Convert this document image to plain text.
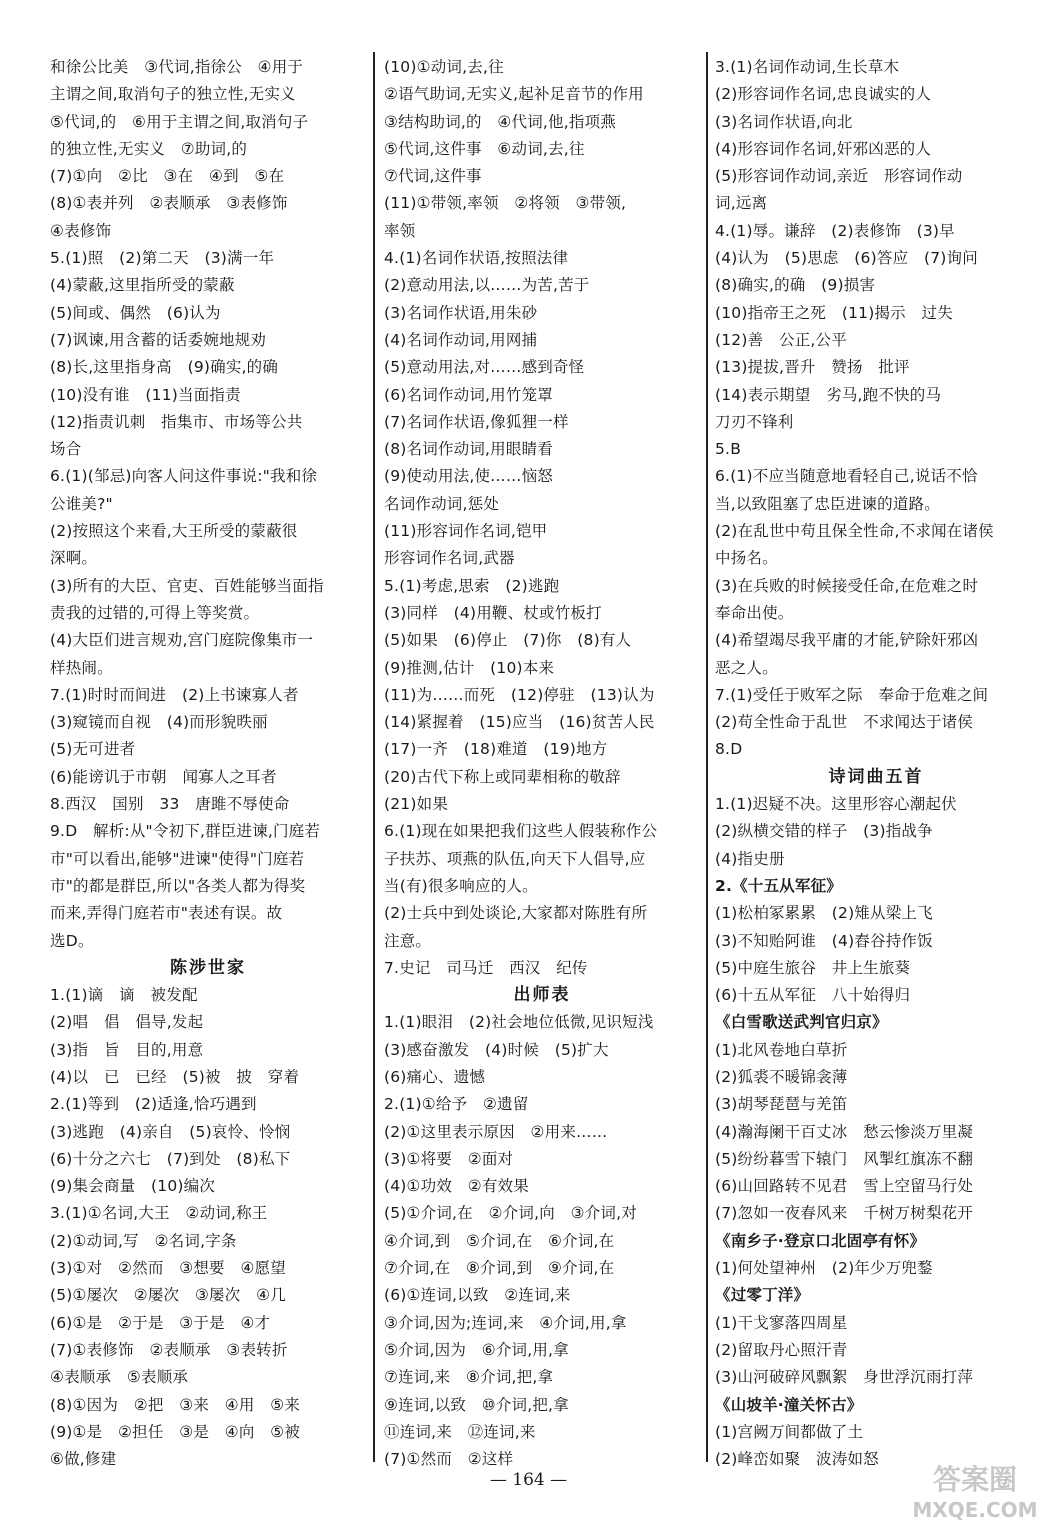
和徐公比美　③代词,指徐公　④用于
主谓之间,取消句子的独立性,无实义
⑤代词,的　⑥用于主谓之间,取消句子
的独立性,无实义　⑦助词,的
(7)①向　②比　③在　④到　⑤在
(8)①表并列　②表顺承　③表修饰
④表修饰
5.(1)照　(2)第二天　(3)满一年
(4)蒙蔽,这里指所受的蒙蔽
(5)间或、偶然　(6)认为
(7)讽谏,用含蓄的话委婉地规劝
(8)长,这里指身高　(9)确实,的确
(10)没有谁　(11)当面指责
(12)指责讥刺　指集市、市场等公共
场合
6.(1)(邹忌)向客人问这件事说:"我和徐
公谁美?"
(2)按照这个来看,大王所受的蒙蔽很
深啊。
(3)所有的大臣、官吏、百姓能够当面指
责我的过错的,可得上等奖赏。
(4)大臣们进言规劝,宫门庭院像集市一
样热闹。
7.(1)时时而间进　(2)上书谏寡人者
(3)窥镜而自视　(4)而形貌昳丽
(5)无可进者
(6)能谤讥于市朝　闻寡人之耳者
8.西汉　国别　33　唐雎不辱使命
9.D　解析:从"令初下,群臣进谏,门庭若
市"可以看出,能够"进谏"使得"门庭若
市"的都是群臣,所以"各类人都为得奖
而来,弄得门庭若市"表述有误。故
选D。
陈涉世家
1.(1)谪　谪　被发配
(2)唱　倡　倡导,发起
(3)指　旨　目的,用意
(4)以　已　已经　(5)被　披　穿着
2.(1)等到　(2)适逢,恰巧遇到
(3)逃跑　(4)亲自　(5)哀怜、怜悯
(6)十分之六七　(7)到处　(8)私下
(9)集会商量　(10)编次
3.(1)①名词,大王　②动词,称王
(2)①动词,写　②名词,字条
(3)①对　②然而　③想要　④愿望
(5)①屡次　②屡次　③屡次　④几
(6)①是　②于是　③于是　④才
(7)①表修饰　②表顺承　③表转折
④表顺承　⑤表顺承
(8)①因为　②把　③来　④用　⑤来
(9)①是　②担任　③是　④向　⑤被
⑥做,修建
(10)①动词,去,往
②语气助词,无实义,起补足音节的作用
③结构助词,的　④代词,他,指项燕
⑤代词,这件事　⑥动词,去,往
⑦代词,这件事
(11)①带领,率领　②将领　③带领,
率领
4.(1)名词作状语,按照法律
(2)意动用法,以……为苦,苦于
(3)名词作状语,用朱砂
(4)名词作动词,用网捕
(5)意动用法,对……感到奇怪
(6)名词作动词,用竹笼罩
(7)名词作状语,像狐狸一样
(8)名词作动词,用眼睛看
(9)使动用法,使……恼怒
名词作动词,惩处
(11)形容词作名词,铠甲
形容词作名词,武器
5.(1)考虑,思索　(2)逃跑
(3)同样　(4)用鞭、杖或竹板打
(5)如果　(6)停止　(7)你　(8)有人
(9)推测,估计　(10)本来
(11)为……而死　(12)停驻　(13)认为
(14)紧握着　(15)应当　(16)贫苦人民
(17)一齐　(18)难道　(19)地方
(20)古代下称上或同辈相称的敬辞
(21)如果
6.(1)现在如果把我们这些人假装称作公
子扶苏、项燕的队伍,向天下人倡导,应
当(有)很多响应的人。
(2)士兵中到处谈论,大家都对陈胜有所
注意。
7.史记　司马迁　西汉　纪传
出师表
1.(1)眼泪　(2)社会地位低微,见识短浅
(3)感奋激发　(4)时候　(5)扩大
(6)痛心、遗憾
2.(1)①给予　②遗留
(2)①这里表示原因　②用来……
(3)①将要　②面对
(4)①功效　②有效果
(5)①介词,在　②介词,向　③介词,对
④介词,到　⑤介词,在　⑥介词,在
⑦介词,在　⑧介词,到　⑨介词,在
(6)①连词,以致　②连词,来
③介词,因为;连词,来　④介词,用,拿
⑤介词,因为　⑥介词,用,拿
⑦连词,来　⑧介词,把,拿
⑨连词,以致　⑩介词,把,拿
⑪连词,来　⑫连词,来
(7)①然而　②这样
3.(1)名词作动词,生长草木
(2)形容词作名词,忠良诚实的人
(3)名词作状语,向北
(4)形容词作名词,奸邪凶恶的人
(5)形容词作动词,亲近　形容词作动
词,远离
4.(1)辱。谦辞　(2)表修饰　(3)早
(4)认为　(5)思虑　(6)答应　(7)询问
(8)确实,的确　(9)损害
(10)指帝王之死　(11)揭示　过失
(12)善　公正,公平
(13)提拔,晋升　赞扬　批评
(14)表示期望　劣马,跑不快的马
刀刃不锋利
5.B
6.(1)不应当随意地看轻自己,说话不恰
当,以致阻塞了忠臣进谏的道路。
(2)在乱世中苟且保全性命,不求闻在诸侯
中扬名。
(3)在兵败的时候接受任命,在危难之时
奉命出使。
(4)希望竭尽我平庸的才能,铲除奸邪凶
恶之人。
7.(1)受任于败军之际　奉命于危难之间
(2)苟全性命于乱世　不求闻达于诸侯
8.D
诗词曲五首
1.(1)迟疑不决。这里形容心潮起伏
(2)纵横交错的样子　(3)指战争
(4)指史册
2.《十五从军征》
(1)松柏冢累累　(2)雉从梁上飞
(3)不知贻阿谁　(4)舂谷持作饭
(5)中庭生旅谷　井上生旅葵
(6)十五从军征　八十始得归
《白雪歌送武判官归京》
(1)北风卷地白草折
(2)狐裘不暖锦衾薄
(3)胡琴琵琶与羌笛
(4)瀚海阑干百丈冰　愁云惨淡万里凝
(5)纷纷暮雪下辕门　风掣红旗冻不翻
(6)山回路转不见君　雪上空留马行处
(7)忽如一夜春风来　千树万树梨花开
《南乡子·登京口北固亭有怀》
(1)何处望神州　(2)年少万兜鍪
《过零丁洋》
(1)干戈寥落四周星
(2)留取丹心照汗青
(3)山河破碎风飘絮　身世浮沉雨打萍
《山坡羊·潼关怀古》
(1)宫阙万间都做了土
(2)峰峦如聚　波涛如怒
— 164 —	答案圈
MXQE.COM
